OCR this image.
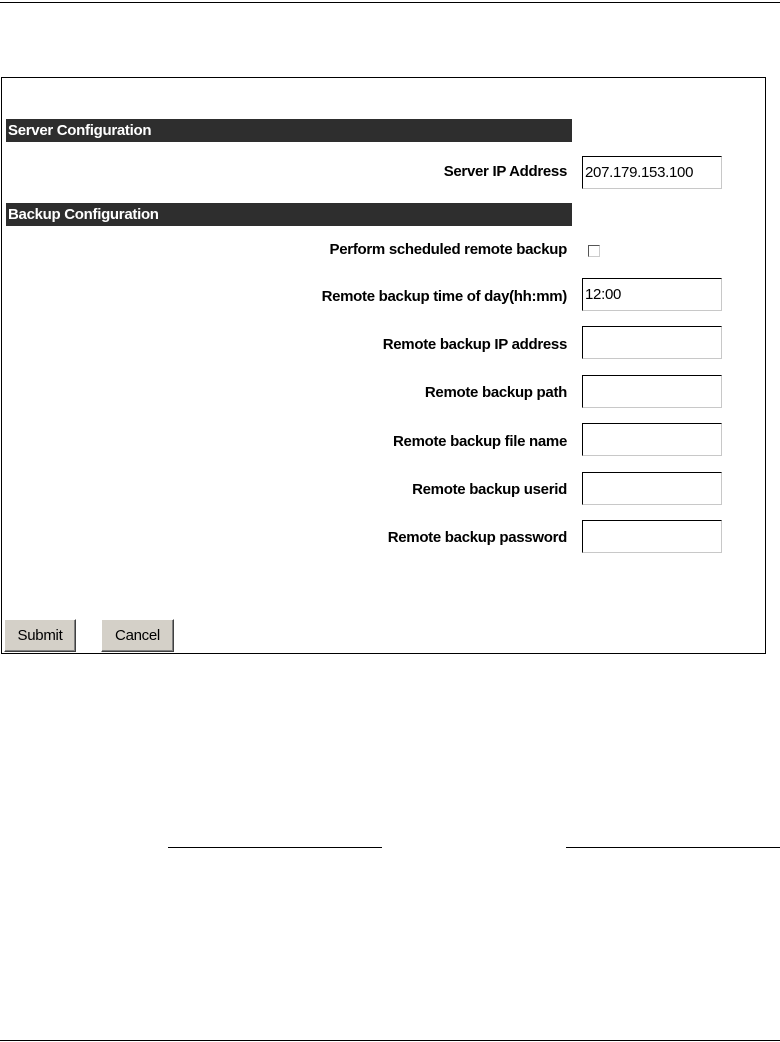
Server Configuration
Server IP Address
207.179.153.100
Backup Configuration
Perform scheduled remote backup
Remote backup time of day(hh:mm)
12:00
Remote backup IP address
Remote backup path
Remote backup file name
Remote backup userid
Remote backup password
Submit	Cancel
